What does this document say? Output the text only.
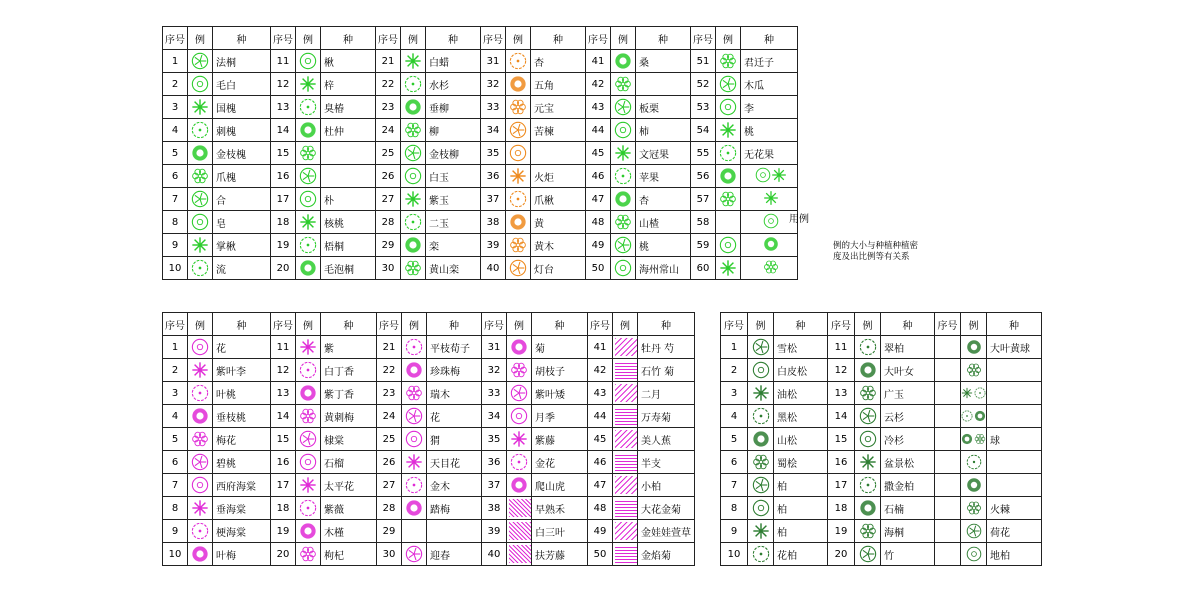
序号	例	种	序号	例	种	序号	例	种	序号	例	种	序号	例	种	序号	例	种
1		法桐	11		楸	21		白蜡	31		杏	41		桑	51		君迁子
2		毛白	12		梓	22		水杉	32		五角	42			52		木瓜
3		国槐	13		臭椿	23		垂柳	33		元宝	43		板栗	53		李
4		刺槐	14		杜仲	24		柳	34		苦楝	44		柿	54		桃
5		金枝槐	15			25		金枝柳	35			45		文冠果	55		无花果
6		爪槐	16			26		白玉	36		火炬	46		苹果	56	

7		合	17		朴	27		紫玉	37		爪楸	47		杏	57	

8		皂	18		核桃	28		二玉	38		黄	48		山楂	58		
9		掌楸	19		梧桐	29		栾	39		黄木	49		桃	59	

10		流	20		毛泡桐	30		黄山栾	40		灯台	50		海州常山	60	

用例
例的大小与种植种植密度及出比例等有关系
序号	例	种	序号	例	种	序号	例	种	序号	例	种	序号	例	种
1		花	11		紫	21		平枝荀子	31		菊	41		牡丹 芍
2		紫叶李	12		白丁香	22		珍珠梅	32		胡枝子	42		石竹 菊
3		叶桃	13		紫丁香	23		瑞木	33		紫叶矮	43		二月
4		垂枝桃	14		黄刺梅	24		花	34		月季	44		万寿菊
5		梅花	15		棣棠	25		猬	35		紫藤	45		美人蕉
6		碧桃	16		石榴	26		天目花	36		金花	46		半支
7		西府海棠	17		太平花	27		金木	37		爬山虎	47		小柏
8		垂海棠	18		紫薇	28		踏梅	38		早熟禾	48		大花金菊
9		梗海棠	19		木槿	29			39		白三叶	49		金娃娃萱草
10		叶梅	20		枸杞	30		迎春	40		扶芳藤	50		金焰菊
序号	例	种	序号	例	种	序号	例	种
1		雪松	11		翠柏			大叶黄球
2		白皮松	12		大叶女		

3		油松	13		广玉		

4		黑松	14		云杉		

5		山松	15		冷杉			球
6		蜀桧	16		盆景松		

7		柏	17		撒金柏		

8		柏	18		石楠			火棘
9		柏	19		海桐			荷花
10		花柏	20		竹			地柏
